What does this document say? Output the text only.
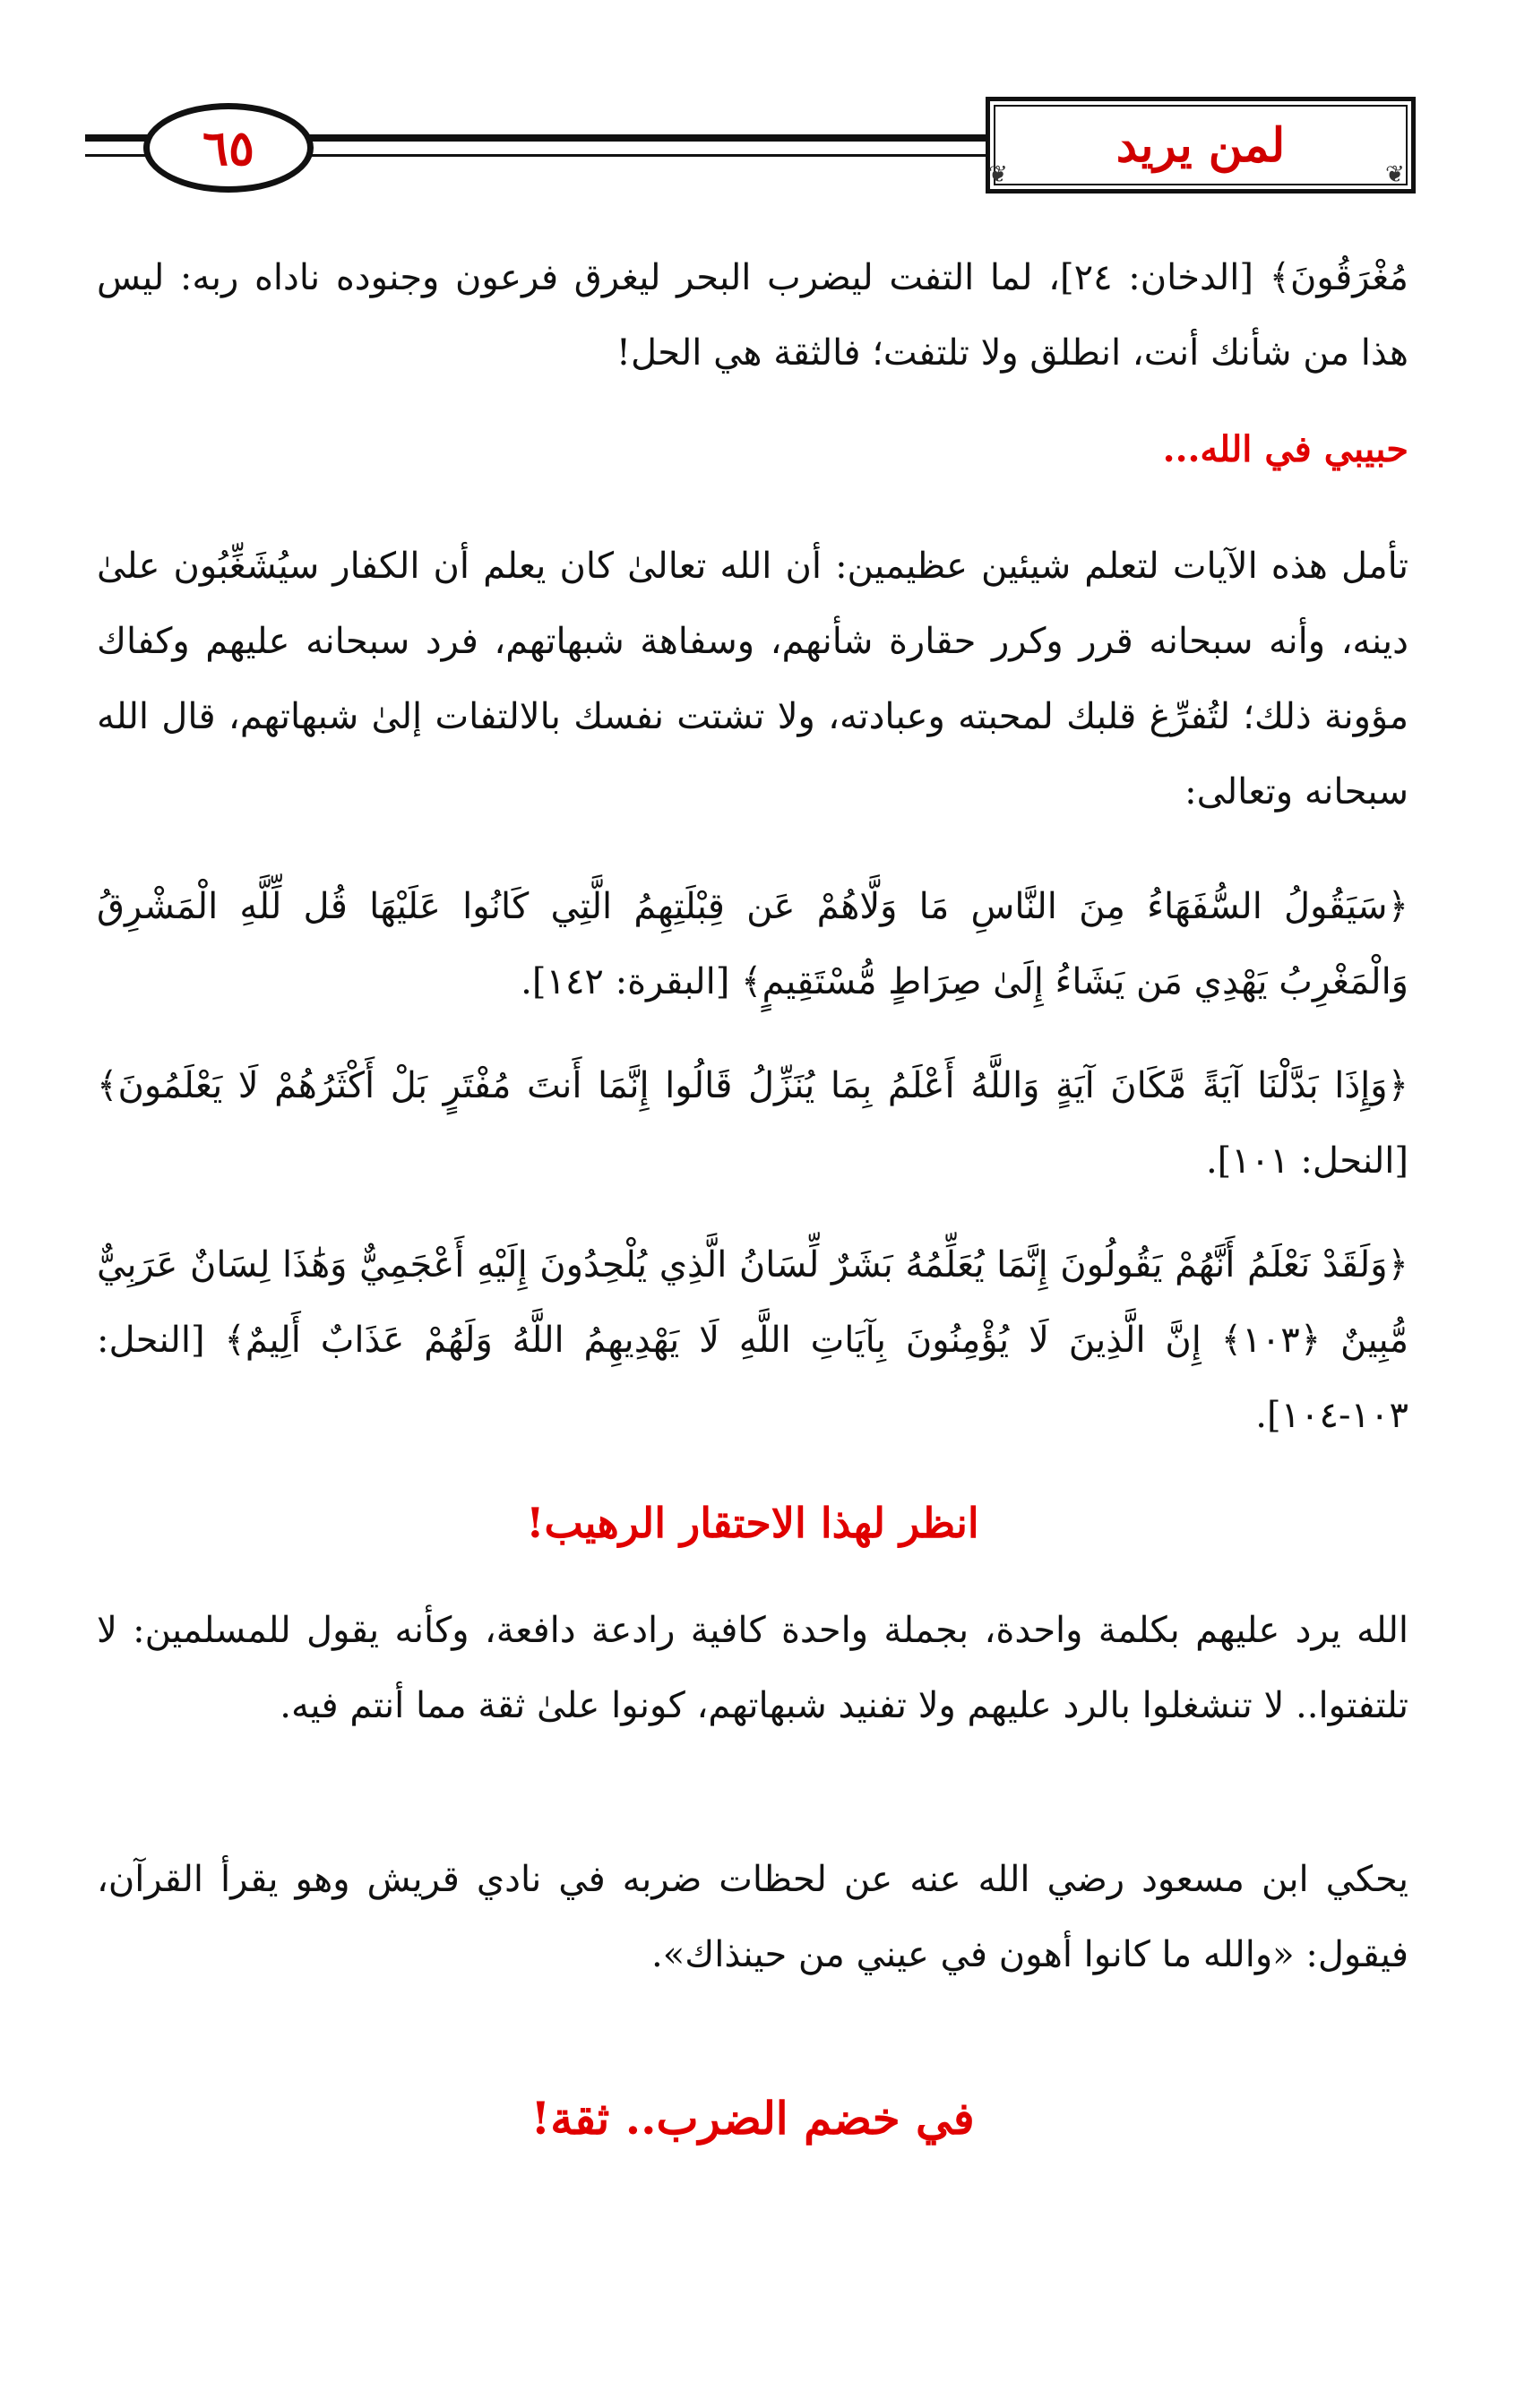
٦٥	لمن يريد
❦	❦

مُغْرَقُونَ﴾ [الدخان: ٢٤]، لما التفت ليضرب البحر ليغرق فرعون وجنوده ناداه ربه: ليس هذا من شأنك أنت، انطلق ولا تلتفت؛ فالثقة هي الحل!

حبيبي في الله...

تأمل هذه الآيات لتعلم شيئين عظيمين: أن الله تعالىٰ كان يعلم أن الكفار سيُشَغِّبُون علىٰ دينه، وأنه سبحانه قرر وكرر حقارة شأنهم، وسفاهة شبهاتهم، فرد سبحانه عليهم وكفاك مؤونة ذلك؛ لتُفرِّغ قلبك لمحبته وعبادته، ولا تشتت نفسك بالالتفات إلىٰ شبهاتهم، قال الله سبحانه وتعالى:

﴿سَيَقُولُ السُّفَهَاءُ مِنَ النَّاسِ مَا وَلَّاهُمْ عَن قِبْلَتِهِمُ الَّتِي كَانُوا عَلَيْهَا قُل لِّلَّهِ الْمَشْرِقُ وَالْمَغْرِبُ يَهْدِي مَن يَشَاءُ إِلَىٰ صِرَاطٍ مُّسْتَقِيمٍ﴾ [البقرة: ١٤٢].

﴿وَإِذَا بَدَّلْنَا آيَةً مَّكَانَ آيَةٍ وَاللَّهُ أَعْلَمُ بِمَا يُنَزِّلُ قَالُوا إِنَّمَا أَنتَ مُفْتَرٍ بَلْ أَكْثَرُهُمْ لَا يَعْلَمُونَ﴾ [النحل: ١٠١].

﴿وَلَقَدْ نَعْلَمُ أَنَّهُمْ يَقُولُونَ إِنَّمَا يُعَلِّمُهُ بَشَرٌ لِّسَانُ الَّذِي يُلْحِدُونَ إِلَيْهِ أَعْجَمِيٌّ وَهَٰذَا لِسَانٌ عَرَبِيٌّ مُّبِينٌ ﴿١٠٣﴾ إِنَّ الَّذِينَ لَا يُؤْمِنُونَ بِآيَاتِ اللَّهِ لَا يَهْدِيهِمُ اللَّهُ وَلَهُمْ عَذَابٌ أَلِيمٌ﴾ [النحل: ١٠٣-١٠٤].

انظر لهذا الاحتقار الرهيب!

الله يرد عليهم بكلمة واحدة، بجملة واحدة كافية رادعة دافعة، وكأنه يقول للمسلمين: لا تلتفتوا.. لا تنشغلوا بالرد عليهم ولا تفنيد شبهاتهم، كونوا علىٰ ثقة مما أنتم فيه.

يحكي ابن مسعود رضي الله عنه عن لحظات ضربه في نادي قريش وهو يقرأ القرآن، فيقول: «والله ما كانوا أهون في عيني من حينذاك».

في خضم الضرب.. ثقة!
